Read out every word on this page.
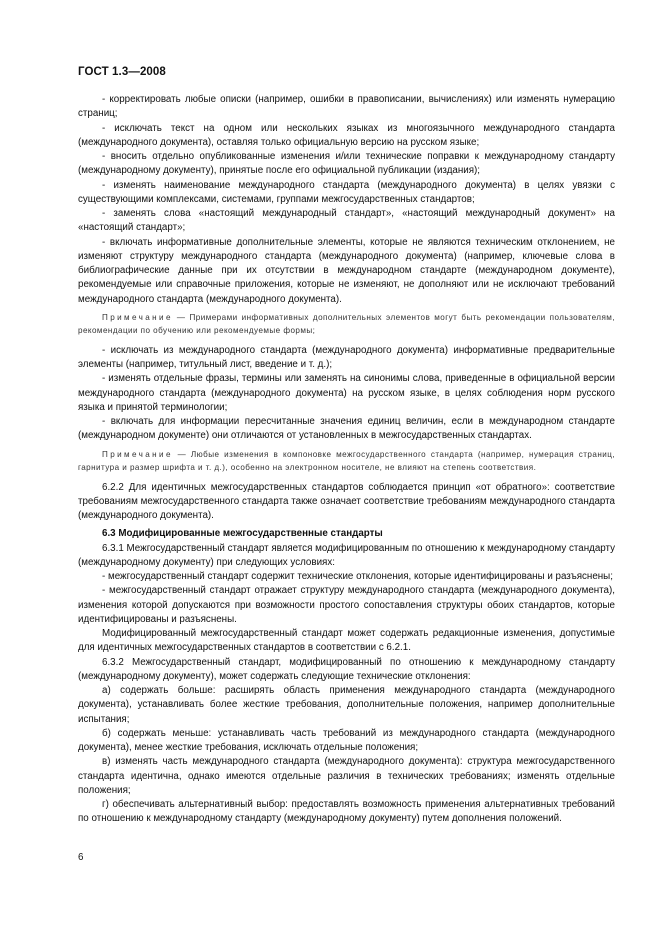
ГОСТ 1.3—2008

- корректировать любые описки (например, ошибки в правописании, вычислениях) или изменять нумерацию страниц;

- исключать текст на одном или нескольких языках из многоязычного международного стандарта (международного документа), оставляя только официальную версию на русском языке;

- вносить отдельно опубликованные изменения и/или технические поправки к международному стандарту (международному документу), принятые после его официальной публикации (издания);

- изменять наименование международного стандарта (международного документа) в целях увязки с существующими комплексами, системами, группами межгосударственных стандартов;

- заменять слова «настоящий международный стандарт», «настоящий международный документ» на «настоящий стандарт»;

- включать информативные дополнительные элементы, которые не являются техническим отклонением, не изменяют структуру международного стандарта (международного документа) (например, ключевые слова в библиографические данные при их отсутствии в международном стандарте (международном документе), рекомендуемые или справочные приложения, которые не изменяют, не дополняют или не исключают требований международного стандарта (международного документа).

Примечание — Примерами информативных дополнительных элементов могут быть рекомендации пользователям, рекомендации по обучению или рекомендуемые формы;

- исключать из международного стандарта (международного документа) информативные предварительные элементы (например, титульный лист, введение и т. д.);

- изменять отдельные фразы, термины или заменять на синонимы слова, приведенные в официальной версии международного стандарта (международного документа) на русском языке, в целях соблюдения норм русского языка и принятой терминологии;

- включать для информации пересчитанные значения единиц величин, если в международном стандарте (международном документе) они отличаются от установленных в межгосударственных стандартах.

Примечание — Любые изменения в компоновке межгосударственного стандарта (например, нумерация страниц, гарнитура и размер шрифта и т. д.), особенно на электронном носителе, не влияют на степень соответствия.

6.2.2 Для идентичных межгосударственных стандартов соблюдается принцип «от обратного»: соответствие требованиям межгосударственного стандарта также означает соответствие требованиям международного стандарта (международного документа).

6.3 Модифицированные межгосударственные стандарты

6.3.1 Межгосударственный стандарт является модифицированным по отношению к международному стандарту (международному документу) при следующих условиях:

- межгосударственный стандарт содержит технические отклонения, которые идентифицированы и разъяснены;

- межгосударственный стандарт отражает структуру международного стандарта (международного документа), изменения которой допускаются при возможности простого сопоставления структуры обоих стандартов, которые идентифицированы и разъяснены.

Модифицированный межгосударственный стандарт может содержать редакционные изменения, допустимые для идентичных межгосударственных стандартов в соответствии с 6.2.1.

6.3.2 Межгосударственный стандарт, модифицированный по отношению к международному стандарту (международному документу), может содержать следующие технические отклонения:

а) содержать больше: расширять область применения международного стандарта (международного документа), устанавливать более жесткие требования, дополнительные положения, например дополнительные испытания;

б) содержать меньше: устанавливать часть требований из международного стандарта (международного документа), менее жесткие требования, исключать отдельные положения;

в) изменять часть международного стандарта (международного документа): структура межгосударственного стандарта идентична, однако имеются отдельные различия в технических требованиях; изменять отдельные положения;

г) обеспечивать альтернативный выбор: предоставлять возможность применения альтернативных требований по отношению к международному стандарту (международному документу) путем дополнения положений.

6
